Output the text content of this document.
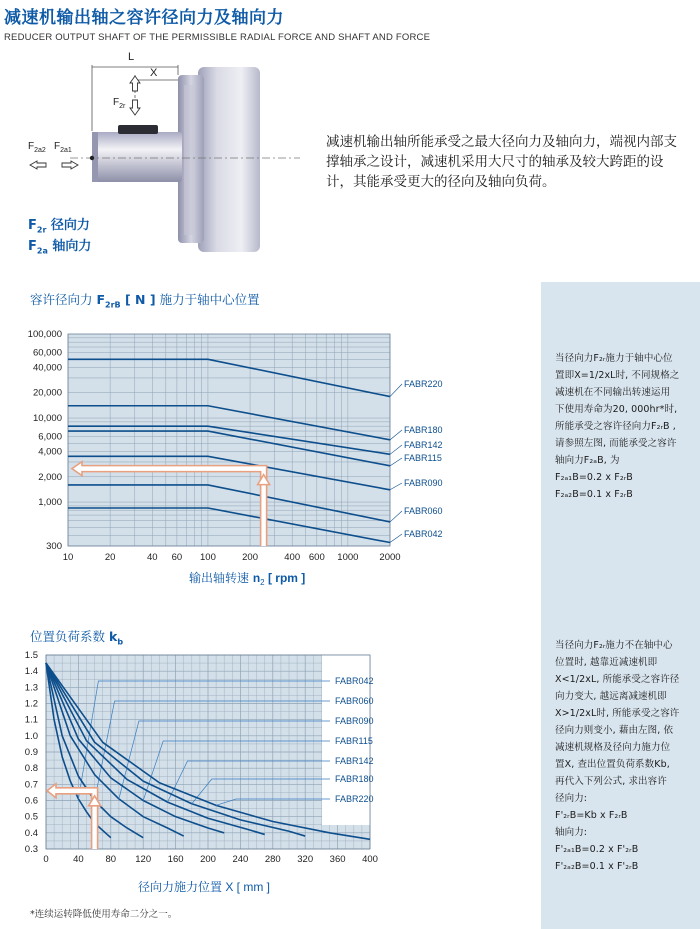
减速机输出轴之容许径向力及轴向力
REDUCER OUTPUT SHAFT OF THE PERMISSIBLE RADIAL FORCE AND SHAFT AND FORCE
L
X
$F_{2r}$
$F_{2a2}$ $F_{2a1}$
减速机输出轴所能承受之最大径向力及轴向力，端视内部支撑轴承之设计，减速机采用大尺寸的轴承及较大跨距的设计，其能承受更大的径向及轴向负荷。
$F_{2r}$ 径向力
$F_{2a}$ 轴向力
当径向力F₂ᵣ施力于轴中心位
置即X=1/2xL时, 不同规格之
减速机在不同输出转速运用
下使用寿命为20, 000hr*时,
所能承受之容许径向力F₂ᵣB ,
请参照左图, 而能承受之容许
轴向力F₂ₐB, 为
F₂ₐ₁B=0.2 x F₂ᵣB
F₂ₐ₂B=0.1 x F₂ᵣB
当径向力F₂ᵣ施力不在轴中心
位置时, 越靠近减速机即
X<1/2xL, 所能承受之容许径
向力变大, 越远离减速机即
X>1/2xL时, 所能承受之容许
径向力则变小, 藉由左图, 依
减速机规格及径向力施力位
置X, 查出位置负荷系数Kb,
再代入下列公式, 求出容许
径向力:
F'₂ᵣB=Kb x F₂ᵣB
轴向力:
F'₂ₐ₁B=0.2 x F'₂ᵣB
F'₂ₐ₂B=0.1 x F'₂ᵣB
容许径向力 $F_{2rB}$ [ N ] 施力于轴中心位置
FABR220
FABR180
FABR142
FABR115
FABR090
FABR060
FABR042
10	20	40 60 100	200	400 600 1000 2000
100,000
60,000
40,000
20,000
10,000
6,000
4,000
2,000
1,000
300
输出轴转速 $n_2$ [ rpm ]
位置负荷系数 $k_b$
FABR042
FABR060
FABR090
FABR115
FABR142
FABR180
FABR220
0	40 80 120 160 200 240 280 320 360 400
1.5
1.4
1.3
1.2
1.1
1.0
0.9
0.8
0.7
0.6
0.5
0.4
0.3
径向力施力位置 X [ mm ]
*连续运转降低使用寿命二分之一。
